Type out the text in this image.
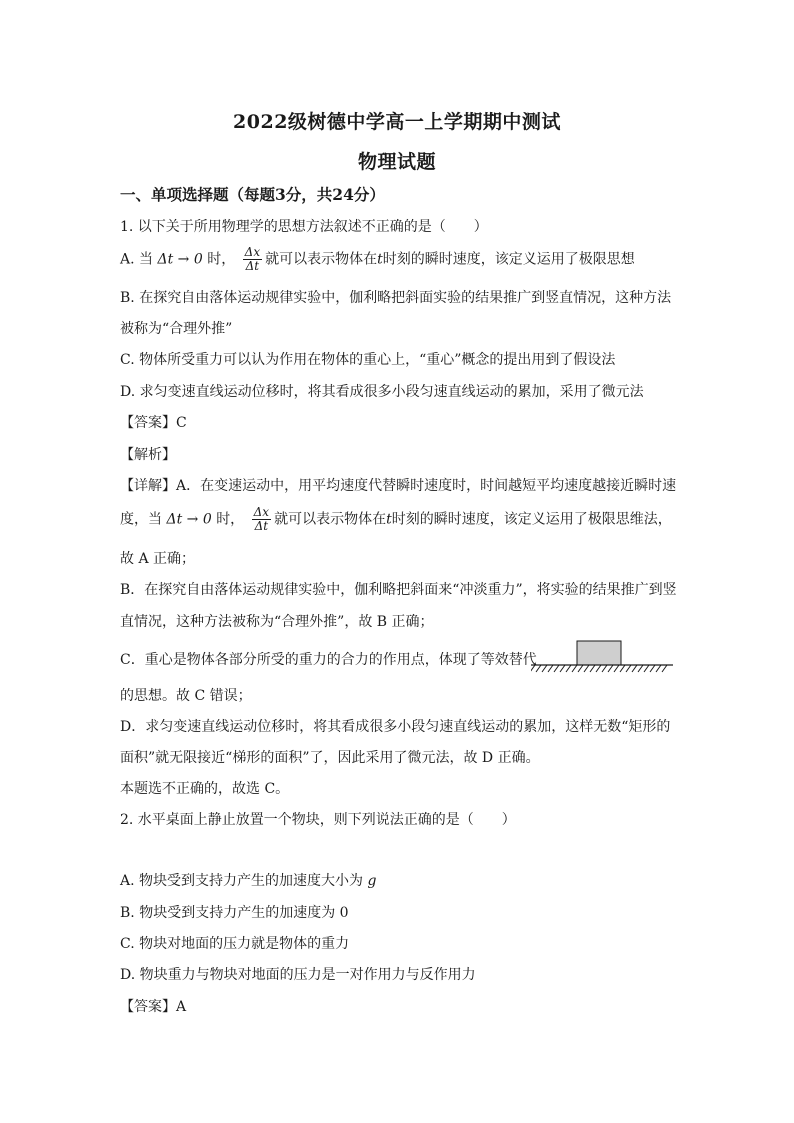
2022级树德中学高一上学期期中测试
物理试题
一、单项选择题（每题3分，共24分）
1. 以下关于所用物理学的思想方法叙述不正确的是（　　）
A. 当 Δt → 0 时， $\frac{\Delta x}{\Delta t}$ 就可以表示物体在t时刻的瞬时速度，该定义运用了极限思想
B. 在探究自由落体运动规律实验中，伽利略把斜面实验的结果推广到竖直情况，这种方法
被称为“合理外推”
C. 物体所受重力可以认为作用在物体的重心上，“重心”概念的提出用到了假设法
D. 求匀变速直线运动位移时，将其看成很多小段匀速直线运动的累加，采用了微元法
【答案】C
【解析】
【详解】A．在变速运动中，用平均速度代替瞬时速度时，时间越短平均速度越接近瞬时速
度，当 Δt → 0 时， $\frac{\Delta x}{\Delta t}$ 就可以表示物体在t时刻的瞬时速度，该定义运用了极限思维法，
故 A 正确；
B．在探究自由落体运动规律实验中，伽利略把斜面来“冲淡重力”，将实验的结果推广到竖
直情况，这种方法被称为“合理外推”，故 B 正确；
C．重心是物体各部分所受的重力的合力的作用点，体现了等效替代
的思想。故 C 错误；
D．求匀变速直线运动位移时，将其看成很多小段匀速直线运动的累加，这样无数“矩形的
面积”就无限接近“梯形的面积”了，因此采用了微元法，故 D 正确。
本题选不正确的，故选 C。
2. 水平桌面上静止放置一个物块，则下列说法正确的是（　　）
A. 物块受到支持力产生的加速度大小为 g
B. 物块受到支持力产生的加速度为 0
C. 物块对地面的压力就是物体的重力
D. 物块重力与物块对地面的压力是一对作用力与反作用力
【答案】A
